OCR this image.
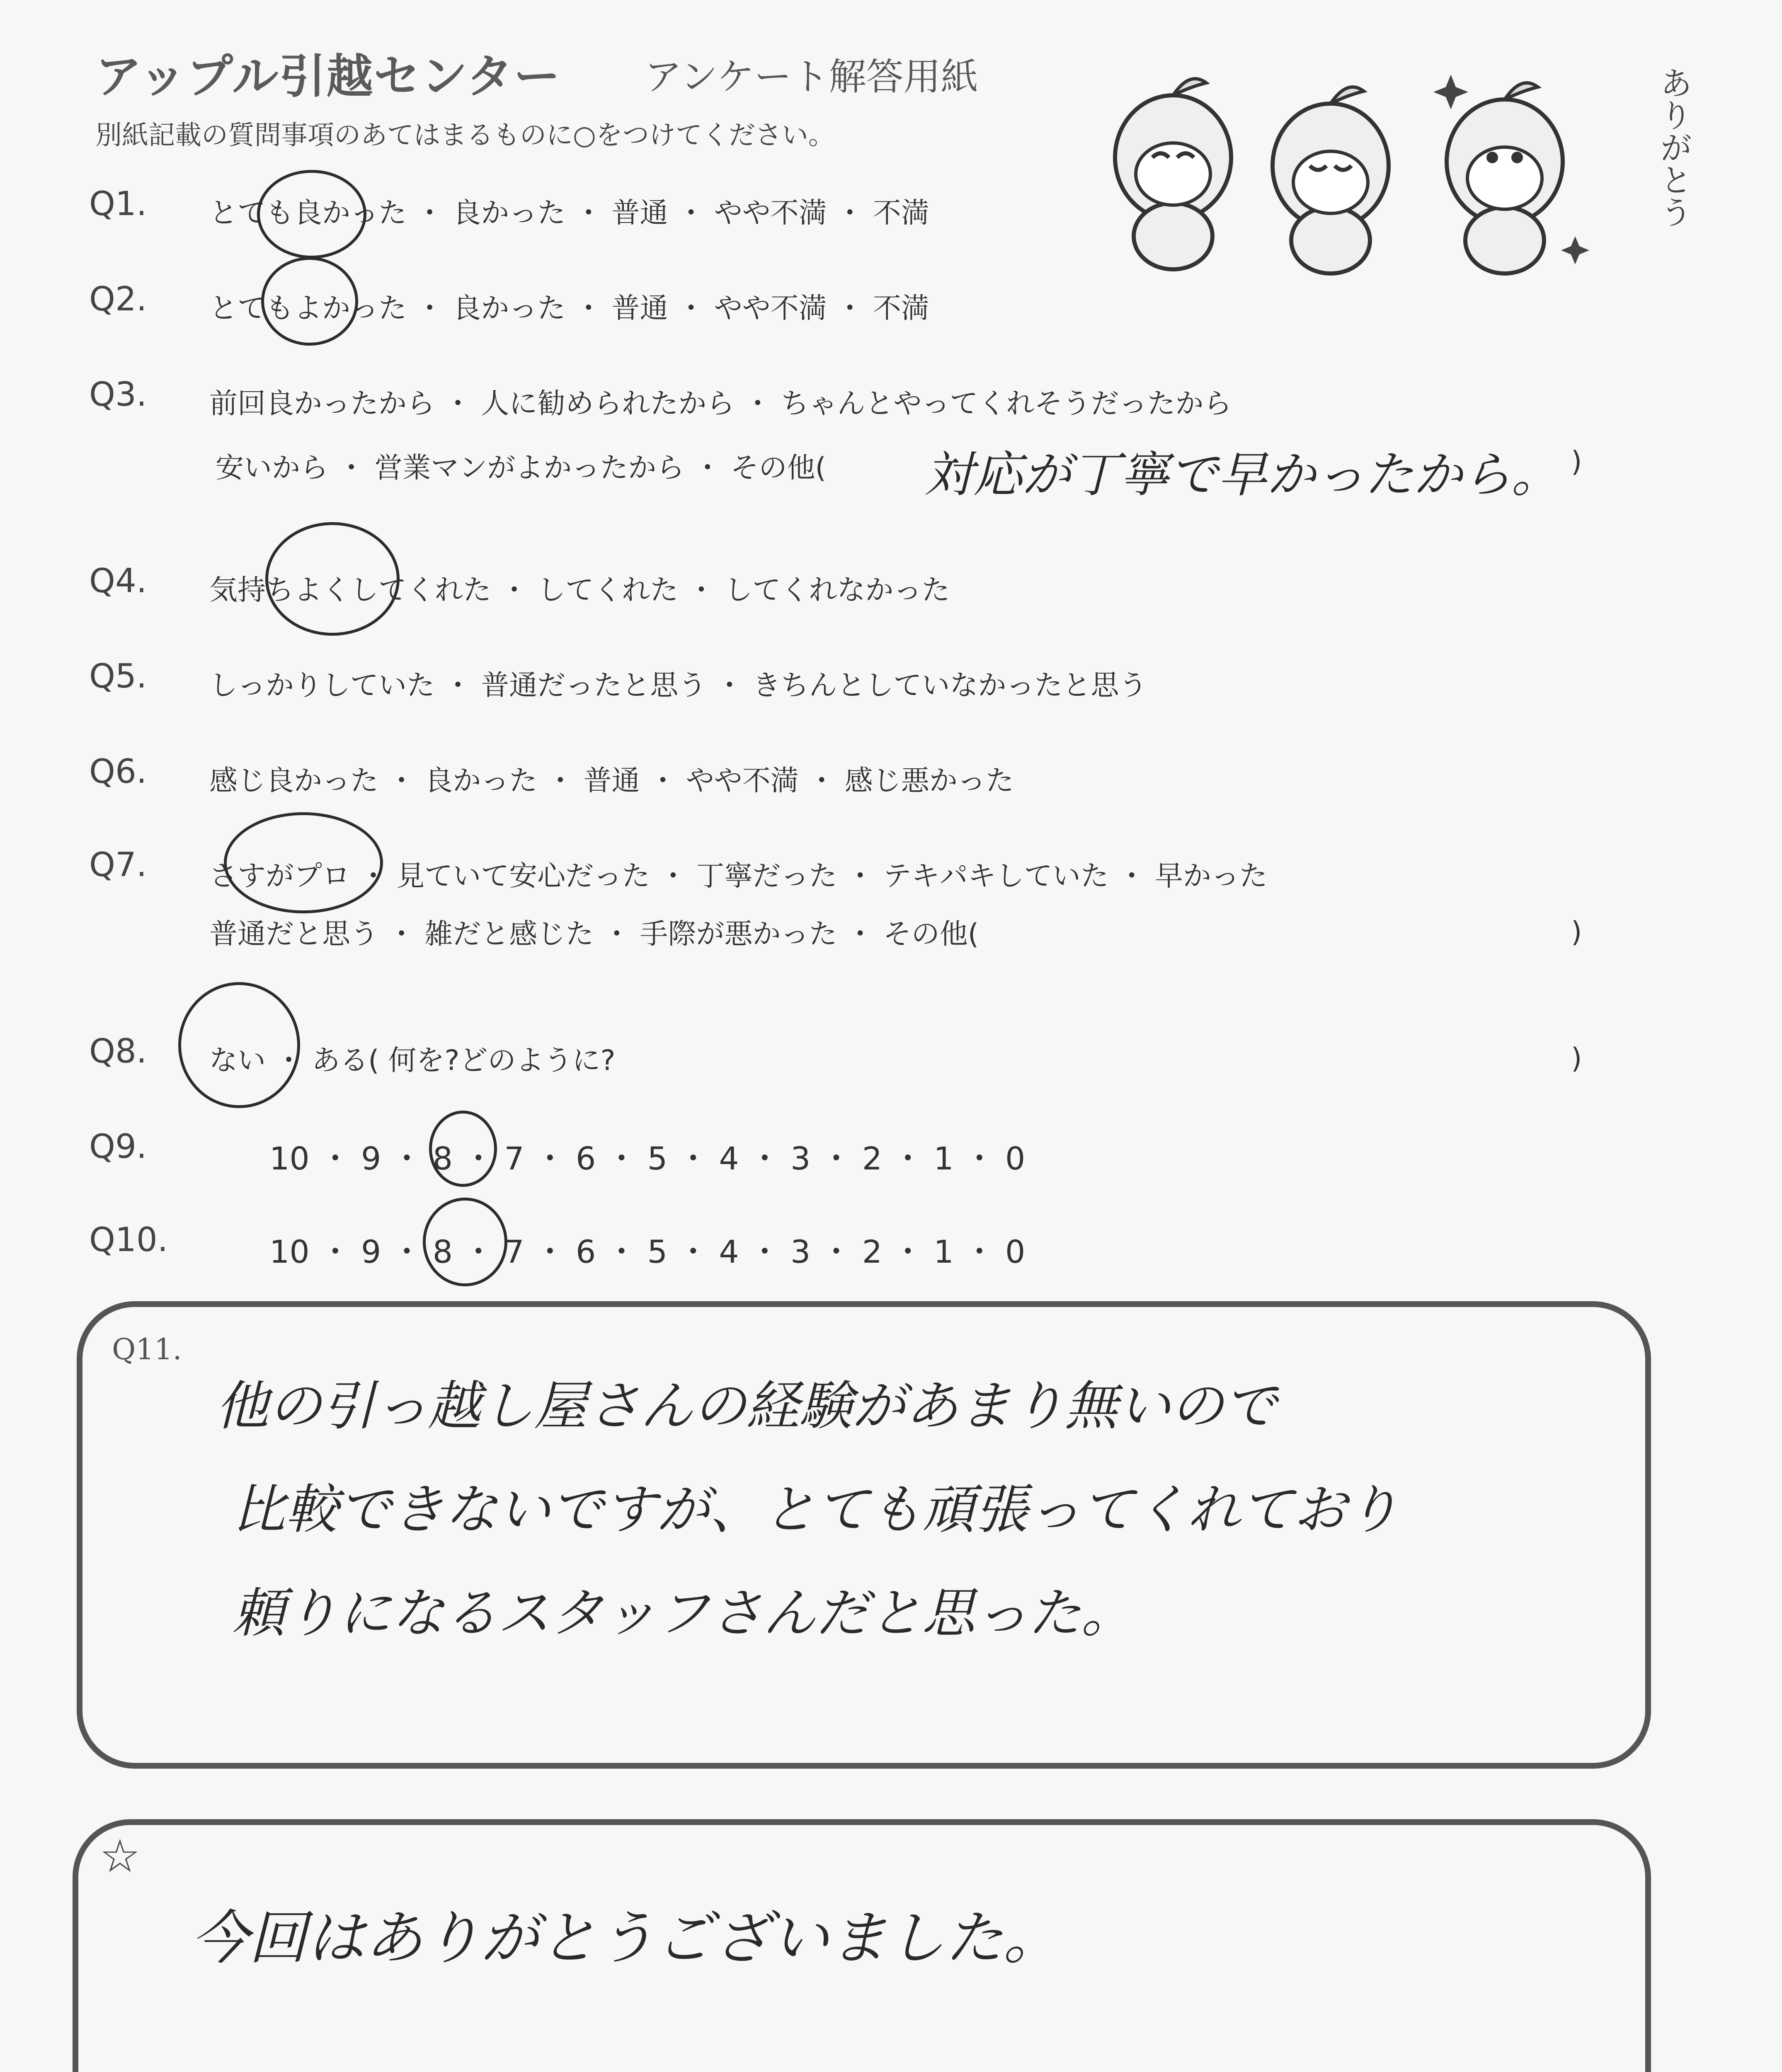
アップル引越センター アンケート解答用紙
別紙記載の質問事項のあてはまるものに○をつけてください。	ありがとう
Q1. とても良かった ・ 良かった ・ 普通 ・ やや不満 ・ 不満
Q2. とてもよかった ・ 良かった ・ 普通 ・ やや不満 ・ 不満
Q3. 前回良かったから ・ 人に勧められたから ・ ちゃんとやってくれそうだったから
安いから ・ 営業マンがよかったから ・ その他( 対応が丁寧で早かったから。 )
Q4. 気持ちよくしてくれた ・ してくれた ・ してくれなかった
Q5. しっかりしていた ・ 普通だったと思う ・ きちんとしていなかったと思う
Q6. 感じ良かった ・ 良かった ・ 普通 ・ やや不満 ・ 感じ悪かった
Q7. さすがプロ ・ 見ていて安心だった ・ 丁寧だった ・ テキパキしていた ・ 早かった
普通だと思う ・ 雑だと感じた ・ 手際が悪かった ・ その他(	)
Q8. ない ・ ある( 何を?どのように?	)
Q9.	10 ・ 9 ・ 8 ・ 7 ・ 6 ・ 5 ・ 4 ・ 3 ・ 2 ・ 1 ・ 0
Q10.	10 ・ 9 ・ 8 ・ 7 ・ 6 ・ 5 ・ 4 ・ 3 ・ 2 ・ 1 ・ 0
Q11.
他の引っ越し屋さんの経験があまり無いので
比較できないですが、とても頑張ってくれており
頼りになるスタッフさんだと思った。
☆
今回はありがとうございました。
